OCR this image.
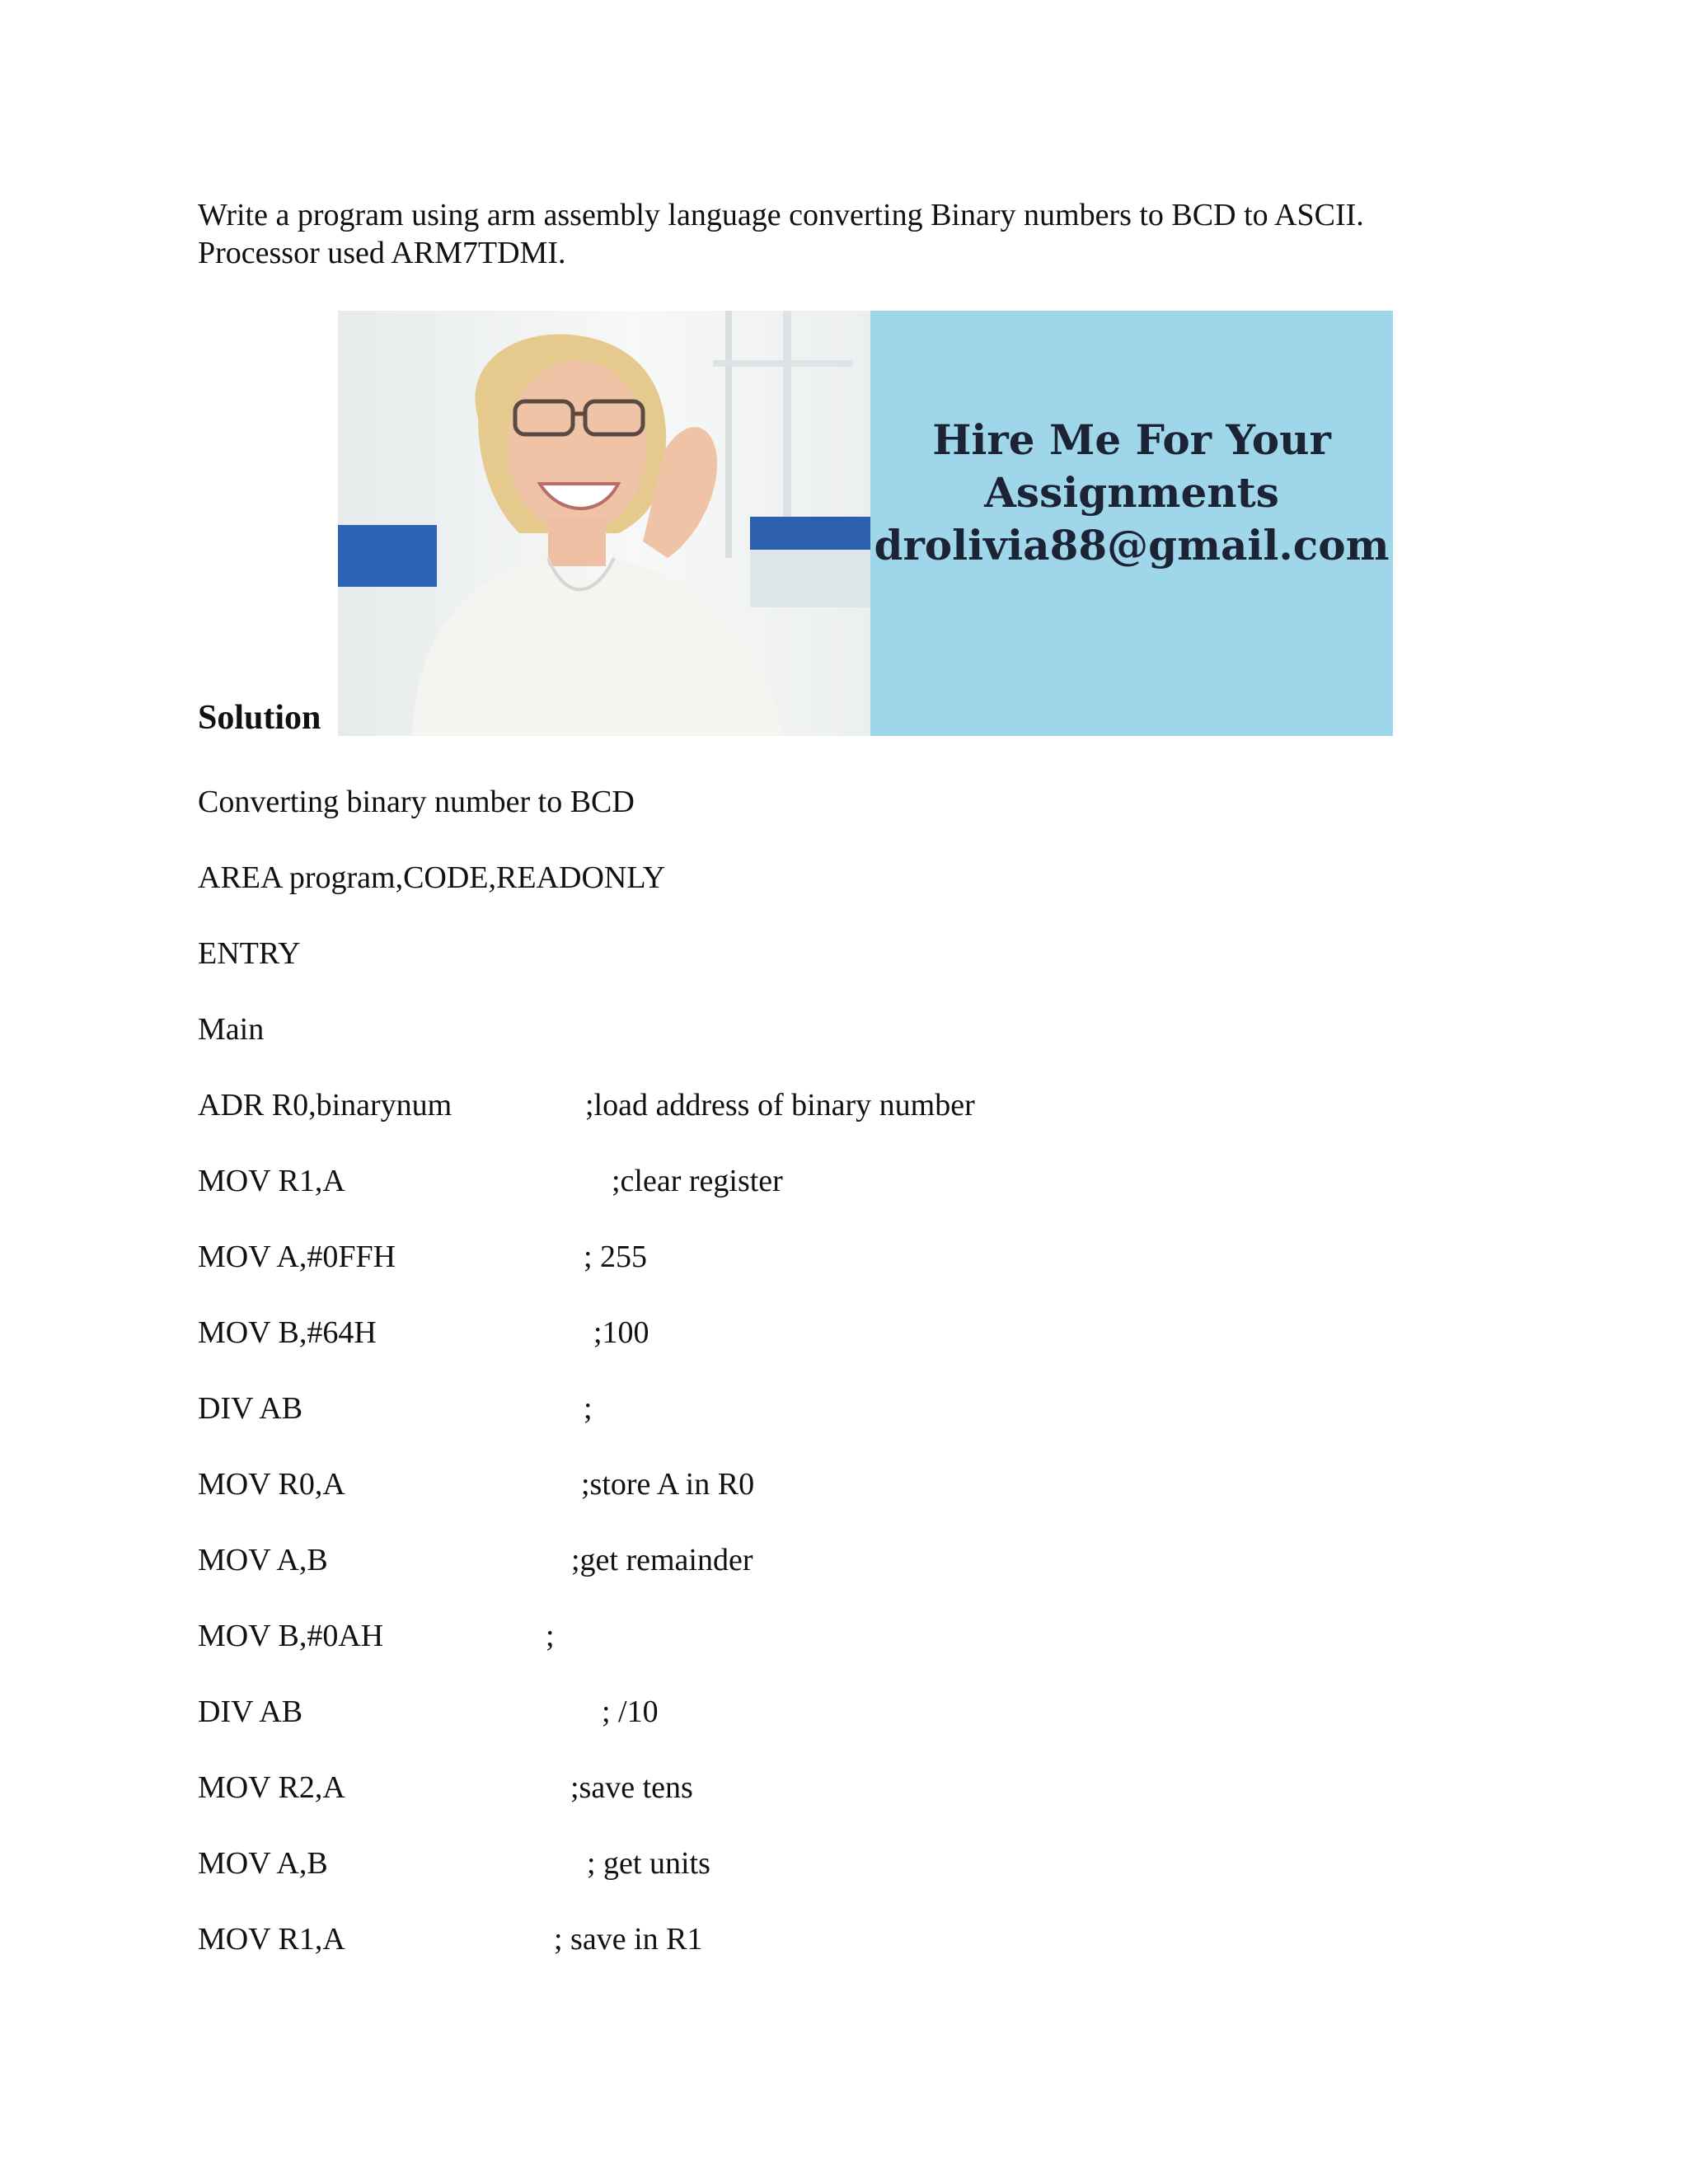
Write a program using arm assembly language converting Binary numbers to BCD to ASCII.
Processor used ARM7TDMI.
Hire Me For Your
Assignments
drolivia88@gmail.com
Solution
Converting binary number to BCD
AREA program,CODE,READONLY
ENTRY
Main
ADR R0,binarynum	;load address of binary number
MOV R1,A	;clear register
MOV A,#0FFH	; 255
MOV B,#64H	;100
DIV AB	;
MOV R0,A	;store A in R0
MOV A,B	;get remainder
MOV B,#0AH	;
DIV AB	; /10
MOV R2,A	;save tens
MOV A,B	; get units
MOV R1,A	; save in R1
